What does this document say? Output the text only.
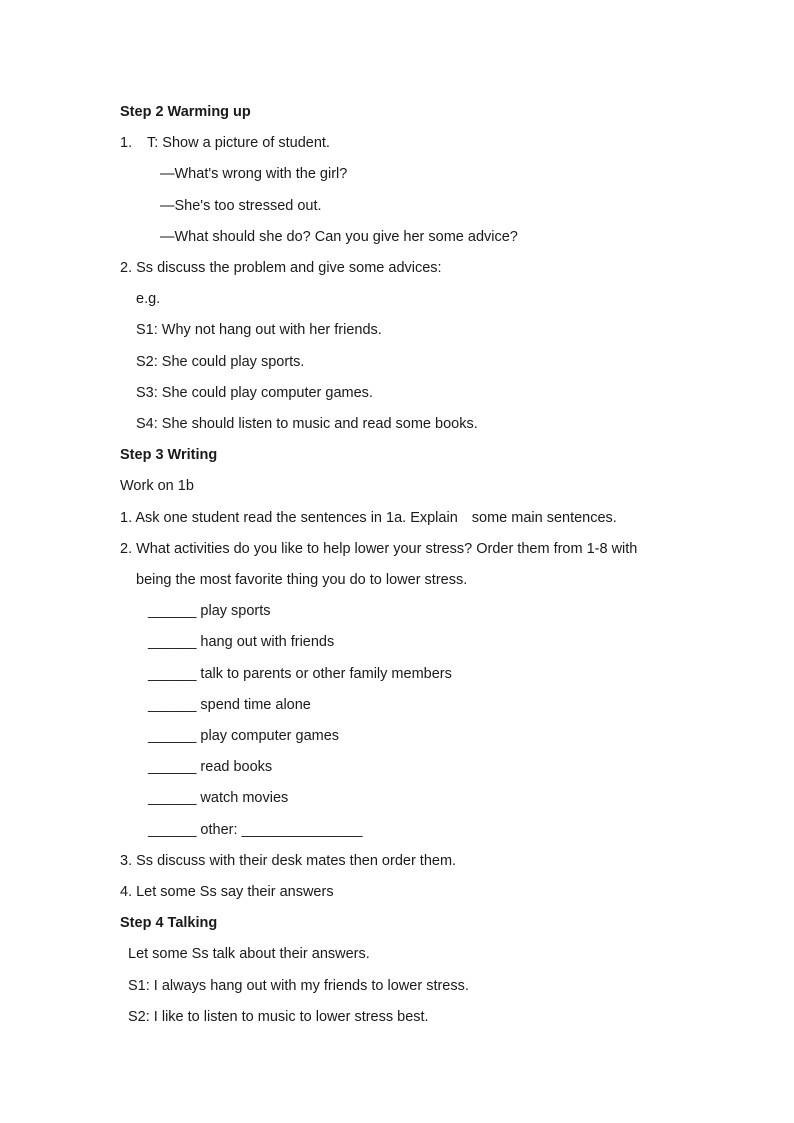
Step 2 Warming up
1. T: Show a picture of student.
—What's wrong with the girl?
—She's too stressed out.
—What should she do? Can you give her some advice?
2. Ss discuss the problem and give some advices:
e.g.
S1: Why not hang out with her friends.
S2: She could play sports.
S3: She could play computer games.
S4: She should listen to music and read some books.
Step 3 Writing
Work on 1b
1. Ask one student read the sentences in 1a. Explain some main sentences.
2. What activities do you like to help lower your stress? Order them from 1-8 with
being the most favorite thing you do to lower stress.
______ play sports
______ hang out with friends
______ talk to parents or other family members
______ spend time alone
______ play computer games
______ read books
______ watch movies
______ other: _______________
3. Ss discuss with their desk mates then order them.
4. Let some Ss say their answers
Step 4 Talking
Let some Ss talk about their answers.
S1: I always hang out with my friends to lower stress.
S2: I like to listen to music to lower stress best.
